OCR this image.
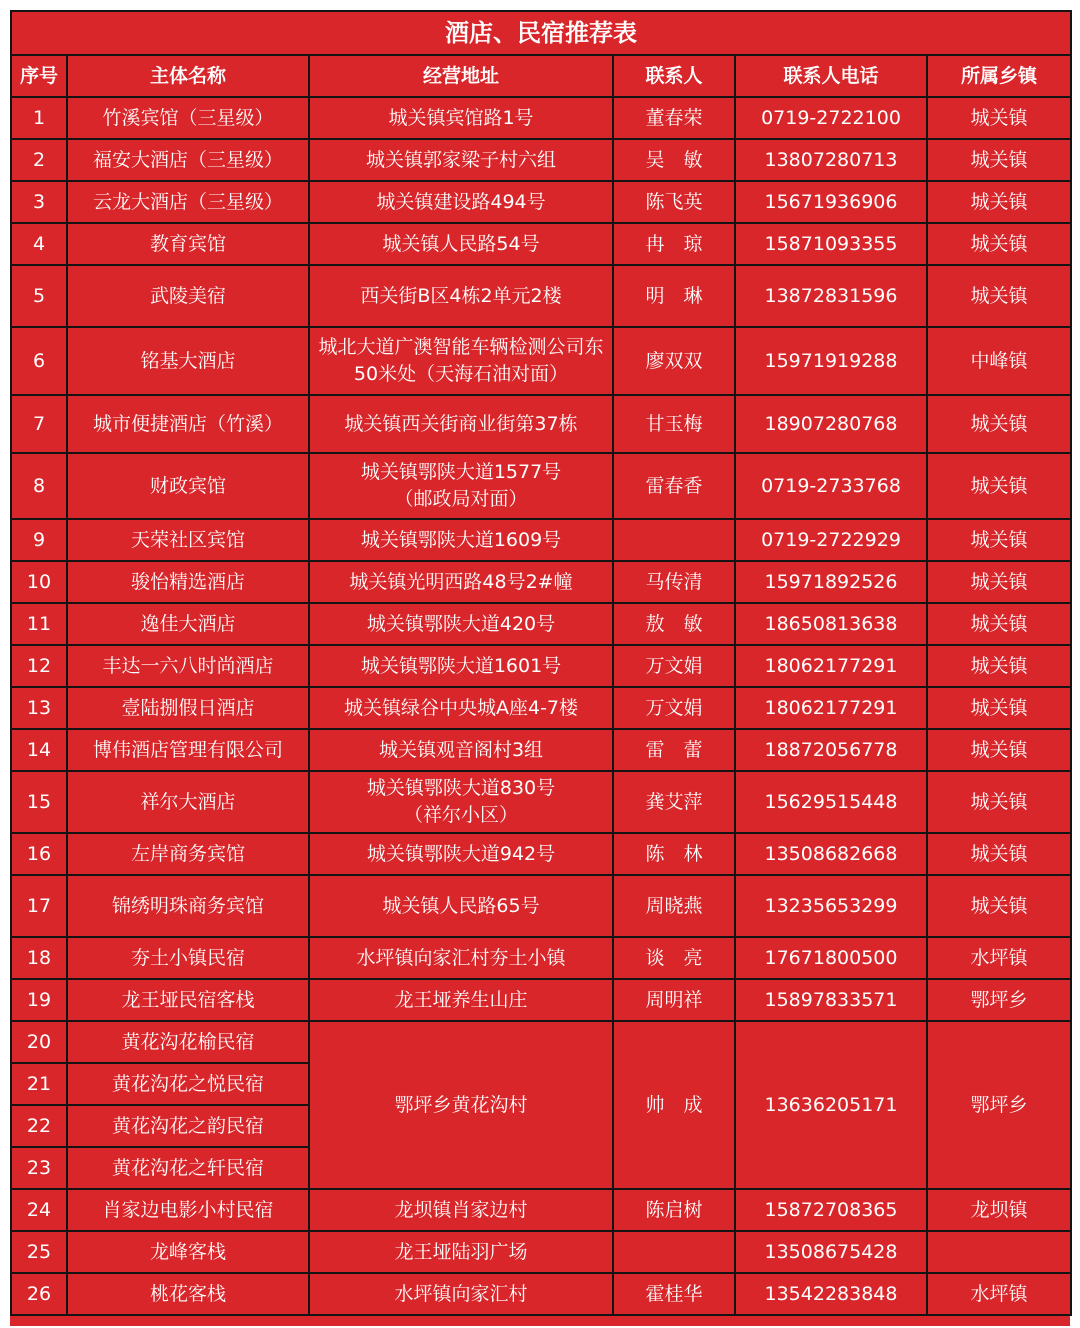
酒店、民宿推荐表					
序号	主体名称	经营地址	联系人	联系人电话	所属乡镇
1	竹溪宾馆（三星级）	城关镇宾馆路1号	董春荣	0719-2722100	城关镇
2	福安大酒店（三星级）	城关镇郭家梁子村六组	吴　敏	13807280713	城关镇
3	云龙大酒店（三星级）	城关镇建设路494号	陈飞英	15671936906	城关镇
4	教育宾馆	城关镇人民路54号	冉　琼	15871093355	城关镇
5	武陵美宿	西关街B区4栋2单元2楼	明　琳	13872831596	城关镇
6	铭基大酒店	城北大道广澳智能车辆检测公司东
50米处（天海石油对面）	廖双双	15971919288	中峰镇
7	城市便捷酒店（竹溪）	城关镇西关街商业街第37栋	甘玉梅	18907280768	城关镇
8	财政宾馆	城关镇鄂陕大道1577号
（邮政局对面）	雷春香	0719-2733768	城关镇
9	天荣社区宾馆	城关镇鄂陕大道1609号		0719-2722929	城关镇
10	骏怡精选酒店	城关镇光明西路48号2#幢	马传清	15971892526	城关镇
11	逸佳大酒店	城关镇鄂陕大道420号	敖　敏	18650813638	城关镇
12	丰达一六八时尚酒店	城关镇鄂陕大道1601号	万文娟	18062177291	城关镇
13	壹陆捌假日酒店	城关镇绿谷中央城A座4-7楼	万文娟	18062177291	城关镇
14	博伟酒店管理有限公司	城关镇观音阁村3组	雷　蕾	18872056778	城关镇
15	祥尔大酒店	城关镇鄂陕大道830号
（祥尔小区）	龚艾萍	15629515448	城关镇
16	左岸商务宾馆	城关镇鄂陕大道942号	陈　林	13508682668	城关镇
17	锦绣明珠商务宾馆	城关镇人民路65号	周晓燕	13235653299	城关镇
18	夯土小镇民宿	水坪镇向家汇村夯土小镇	谈　亮	17671800500	水坪镇
19	龙王垭民宿客栈	龙王垭养生山庄	周明祥	15897833571	鄂坪乡
20	黄花沟花榆民宿	鄂坪乡黄花沟村	帅　成	13636205171	鄂坪乡
21	黄花沟花之悦民宿				
22	黄花沟花之韵民宿				
23	黄花沟花之轩民宿				
24	肖家边电影小村民宿	龙坝镇肖家边村	陈启树	15872708365	龙坝镇
25	龙峰客栈	龙王垭陆羽广场		13508675428	
26	桃花客栈	水坪镇向家汇村	霍桂华	13542283848	水坪镇
